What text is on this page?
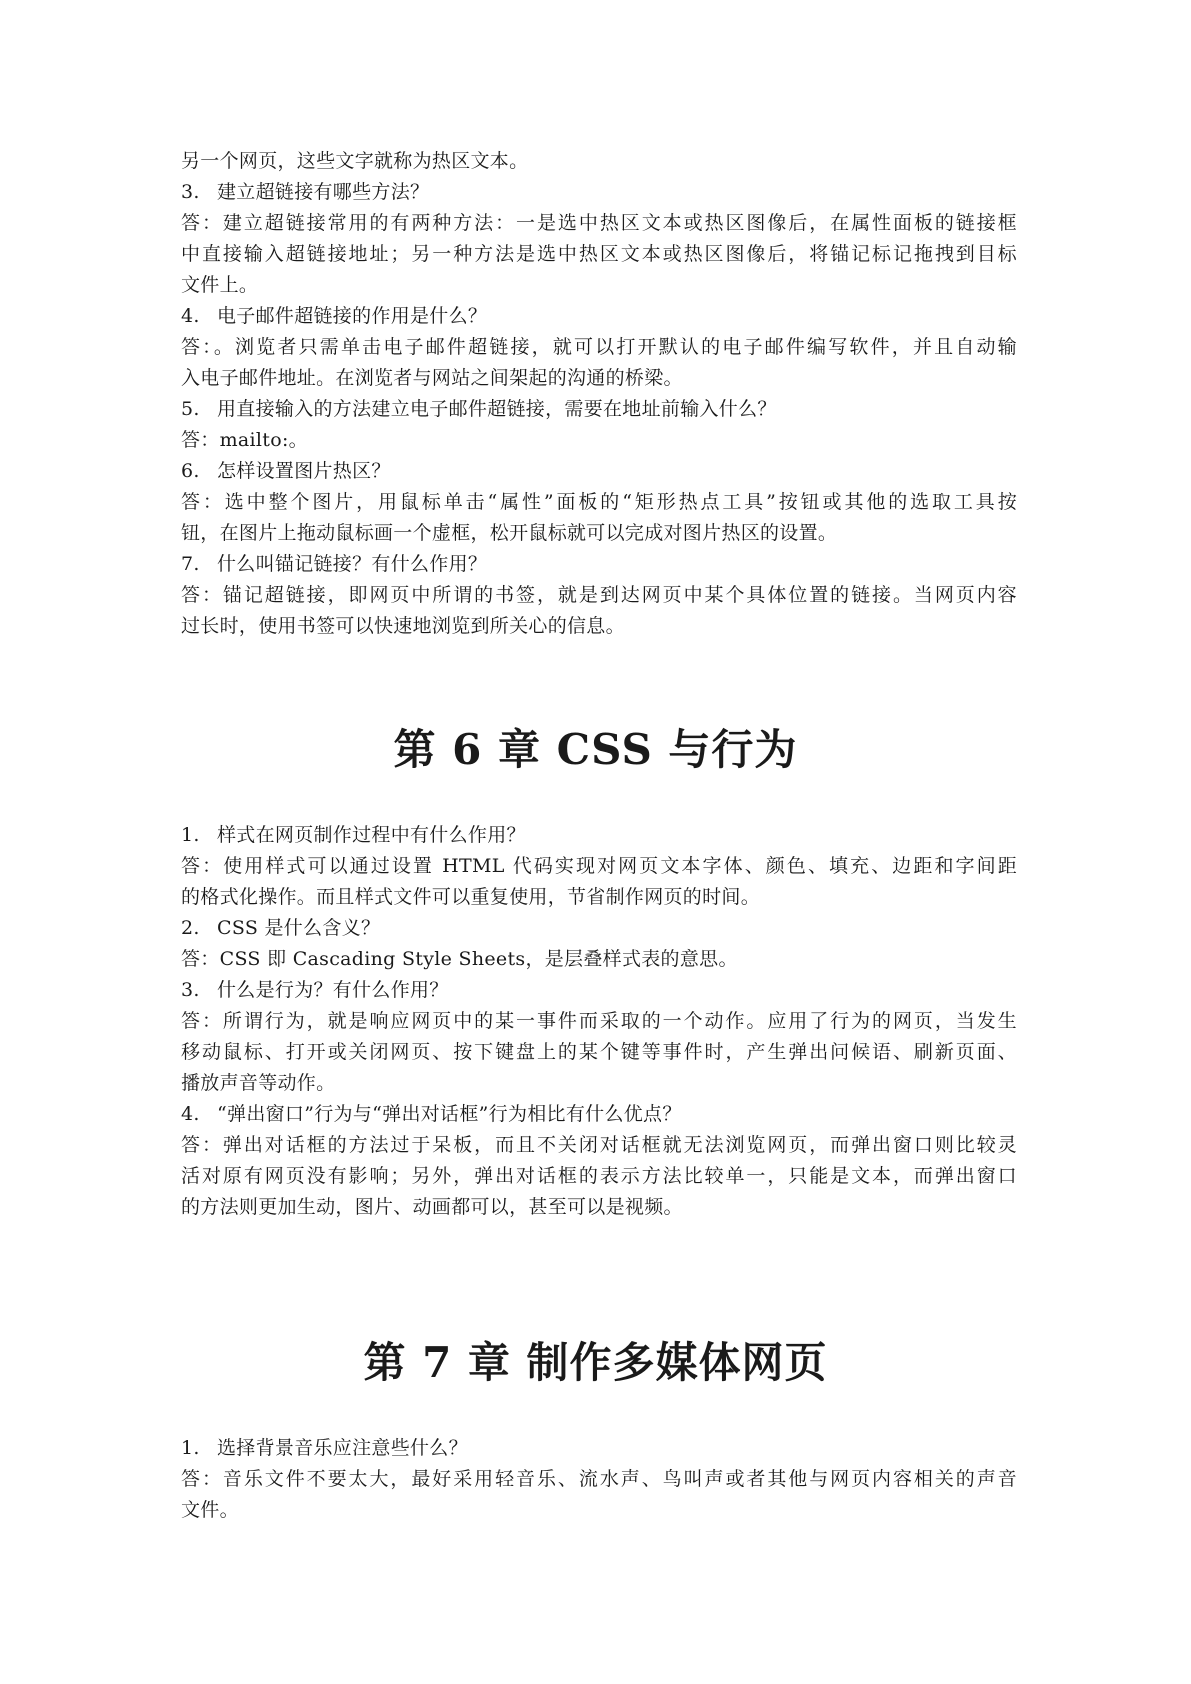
另一个网页，这些文字就称为热区文本。
3. 建立超链接有哪些方法？
答：建立超链接常用的有两种方法：一是选中热区文本或热区图像后，在属性面板的链接框
中直接输入超链接地址；另一种方法是选中热区文本或热区图像后，将锚记标记拖拽到目标
文件上。
4. 电子邮件超链接的作用是什么？
答：。浏览者只需单击电子邮件超链接，就可以打开默认的电子邮件编写软件，并且自动输
入电子邮件地址。在浏览者与网站之间架起的沟通的桥梁。
5. 用直接输入的方法建立电子邮件超链接，需要在地址前输入什么？
答：mailto:。
6. 怎样设置图片热区？
答：选中整个图片，用鼠标单击“属性”面板的“矩形热点工具”按钮或其他的选取工具按
钮，在图片上拖动鼠标画一个虚框，松开鼠标就可以完成对图片热区的设置。
7. 什么叫锚记链接？有什么作用？
答：锚记超链接，即网页中所谓的书签，就是到达网页中某个具体位置的链接。当网页内容
过长时，使用书签可以快速地浏览到所关心的信息。
第 6 章 CSS 与行为
1. 样式在网页制作过程中有什么作用？
答：使用样式可以通过设置 HTML 代码实现对网页文本字体、颜色、填充、边距和字间距
的格式化操作。而且样式文件可以重复使用，节省制作网页的时间。
2. CSS 是什么含义？
答：CSS 即 Cascading Style Sheets，是层叠样式表的意思。
3. 什么是行为？有什么作用？
答：所谓行为，就是响应网页中的某一事件而采取的一个动作。应用了行为的网页，当发生
移动鼠标、打开或关闭网页、按下键盘上的某个键等事件时，产生弹出问候语、刷新页面、
播放声音等动作。
4. “弹出窗口”行为与“弹出对话框”行为相比有什么优点？
答：弹出对话框的方法过于呆板，而且不关闭对话框就无法浏览网页，而弹出窗口则比较灵
活对原有网页没有影响；另外，弹出对话框的表示方法比较单一，只能是文本，而弹出窗口
的方法则更加生动，图片、动画都可以，甚至可以是视频。
第 7 章 制作多媒体网页
1. 选择背景音乐应注意些什么？
答：音乐文件不要太大，最好采用轻音乐、流水声、鸟叫声或者其他与网页内容相关的声音
文件。
